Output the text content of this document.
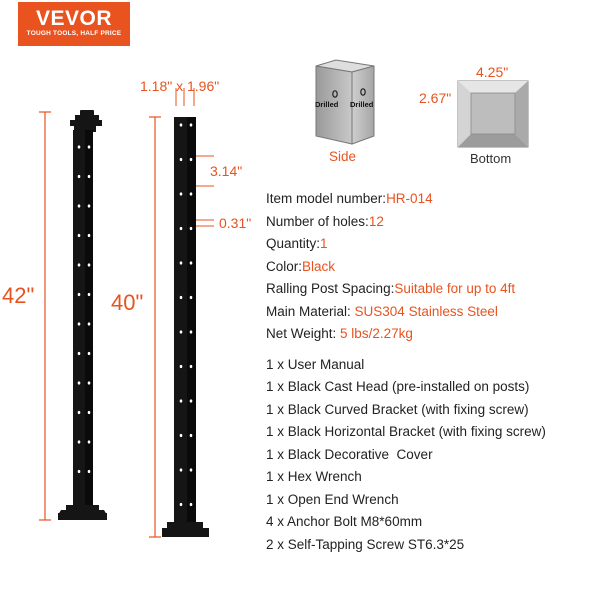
VEVOR
TOUGH TOOLS, HALF PRICE
1.18" x 1.96"
42"	40"
3.14"
0.31"
Drilled Drilled
Side
4.25"
2.67"
Bottom
Item model number:HR-014
Number of holes:12
Quantity:1
Color:Black
Ralling Post Spacing:Suitable for up to 4ft
Main Material: SUS304 Stainless Steel
Net Weight: 5 lbs/2.27kg
1 x User Manual
1 x Black Cast Head (pre-installed on posts)
1 x Black Curved Bracket (with fixing screw)
1 x Black Horizontal Bracket (with fixing screw)
1 x Black Decorative  Cover
1 x Hex Wrench
1 x Open End Wrench
4 x Anchor Bolt M8*60mm
2 x Self-Tapping Screw ST6.3*25
